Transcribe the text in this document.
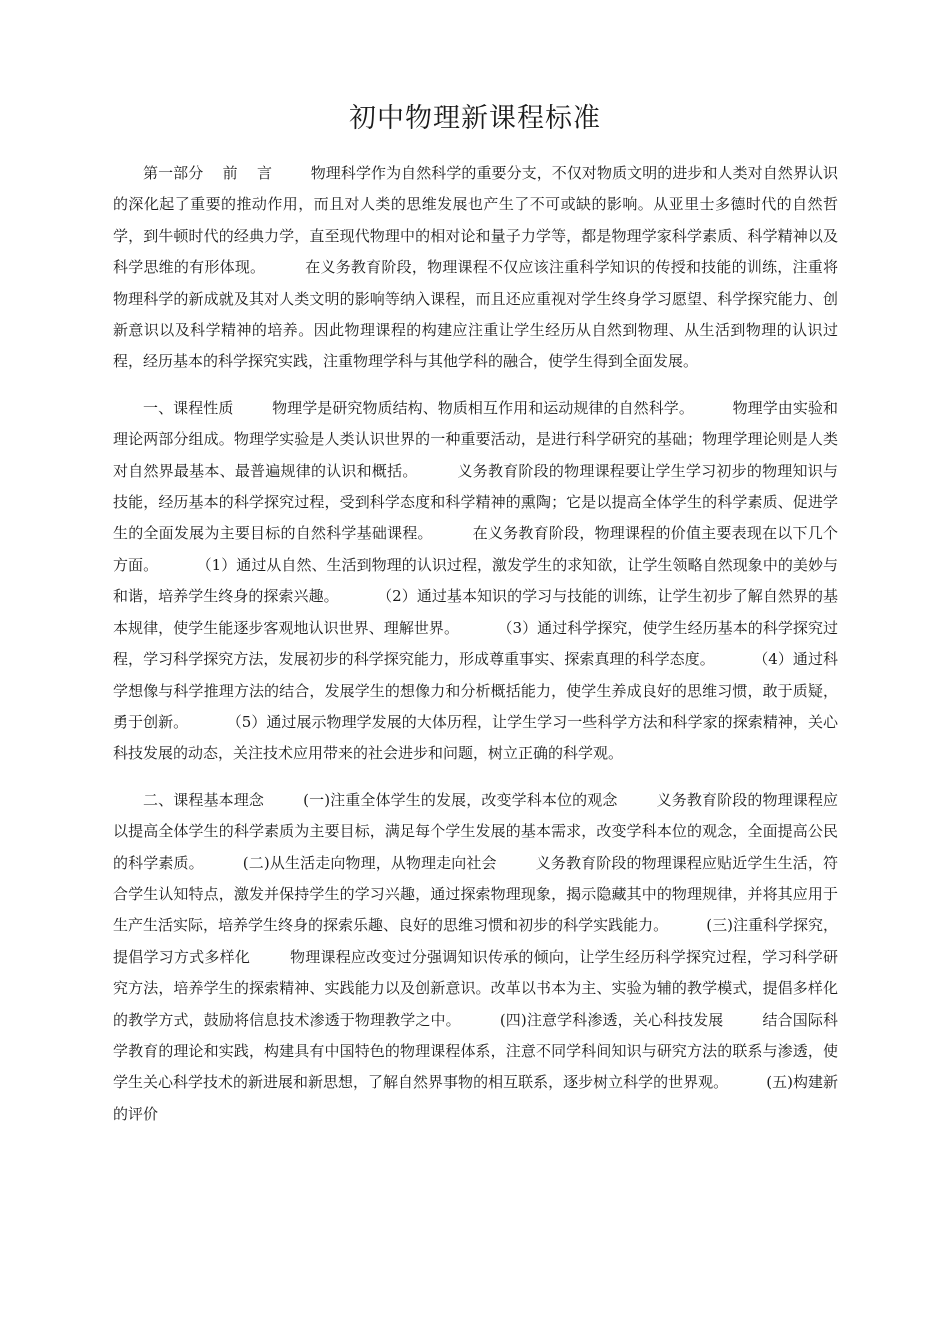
初中物理新课程标准

第一部分    前    言        物理科学作为自然科学的重要分支，不仅对物质文明的进步和人类对自然界认识的深化起了重要的推动作用，而且对人类的思维发展也产生了不可或缺的影响。从亚里士多德时代的自然哲学，到牛顿时代的经典力学，直至现代物理中的相对论和量子力学等，都是物理学家科学素质、科学精神以及科学思维的有形体现。        在义务教育阶段，物理课程不仅应该注重科学知识的传授和技能的训练，注重将物理科学的新成就及其对人类文明的影响等纳入课程，而且还应重视对学生终身学习愿望、科学探究能力、创新意识以及科学精神的培养。因此物理课程的构建应注重让学生经历从自然到物理、从生活到物理的认识过程，经历基本的科学探究实践，注重物理学科与其他学科的融合，使学生得到全面发展。

一、课程性质        物理学是研究物质结构、物质相互作用和运动规律的自然科学。        物理学由实验和理论两部分组成。物理学实验是人类认识世界的一种重要活动，是进行科学研究的基础；物理学理论则是人类对自然界最基本、最普遍规律的认识和概括。        义务教育阶段的物理课程要让学生学习初步的物理知识与技能，经历基本的科学探究过程，受到科学态度和科学精神的熏陶；它是以提高全体学生的科学素质、促进学生的全面发展为主要目标的自然科学基础课程。        在义务教育阶段，物理课程的价值主要表现在以下几个方面。        （1）通过从自然、生活到物理的认识过程，激发学生的求知欲，让学生领略自然现象中的美妙与和谐，培养学生终身的探索兴趣。        （2）通过基本知识的学习与技能的训练，让学生初步了解自然界的基本规律，使学生能逐步客观地认识世界、理解世界。        （3）通过科学探究，使学生经历基本的科学探究过程，学习科学探究方法，发展初步的科学探究能力，形成尊重事实、探索真理的科学态度。        （4）通过科学想像与科学推理方法的结合，发展学生的想像力和分析概括能力，使学生养成良好的思维习惯，敢于质疑，勇于创新。        （5）通过展示物理学发展的大体历程，让学生学习一些科学方法和科学家的探索精神，关心科技发展的动态，关注技术应用带来的社会进步和问题，树立正确的科学观。

二、课程基本理念        (一)注重全体学生的发展，改变学科本位的观念        义务教育阶段的物理课程应以提高全体学生的科学素质为主要目标，满足每个学生发展的基本需求，改变学科本位的观念，全面提高公民的科学素质。        (二)从生活走向物理，从物理走向社会        义务教育阶段的物理课程应贴近学生生活，符合学生认知特点，激发并保持学生的学习兴趣，通过探索物理现象，揭示隐藏其中的物理规律，并将其应用于生产生活实际，培养学生终身的探索乐趣、良好的思维习惯和初步的科学实践能力。        (三)注重科学探究，提倡学习方式多样化        物理课程应改变过分强调知识传承的倾向，让学生经历科学探究过程，学习科学研究方法，培养学生的探索精神、实践能力以及创新意识。改革以书本为主、实验为辅的教学模式，提倡多样化的教学方式，鼓励将信息技术渗透于物理教学之中。        (四)注意学科渗透，关心科技发展        结合国际科学教育的理论和实践，构建具有中国特色的物理课程体系，注意不同学科间知识与研究方法的联系与渗透，使学生关心科学技术的新进展和新思想，了解自然界事物的相互联系，逐步树立科学的世界观。        (五)构建新的评价
